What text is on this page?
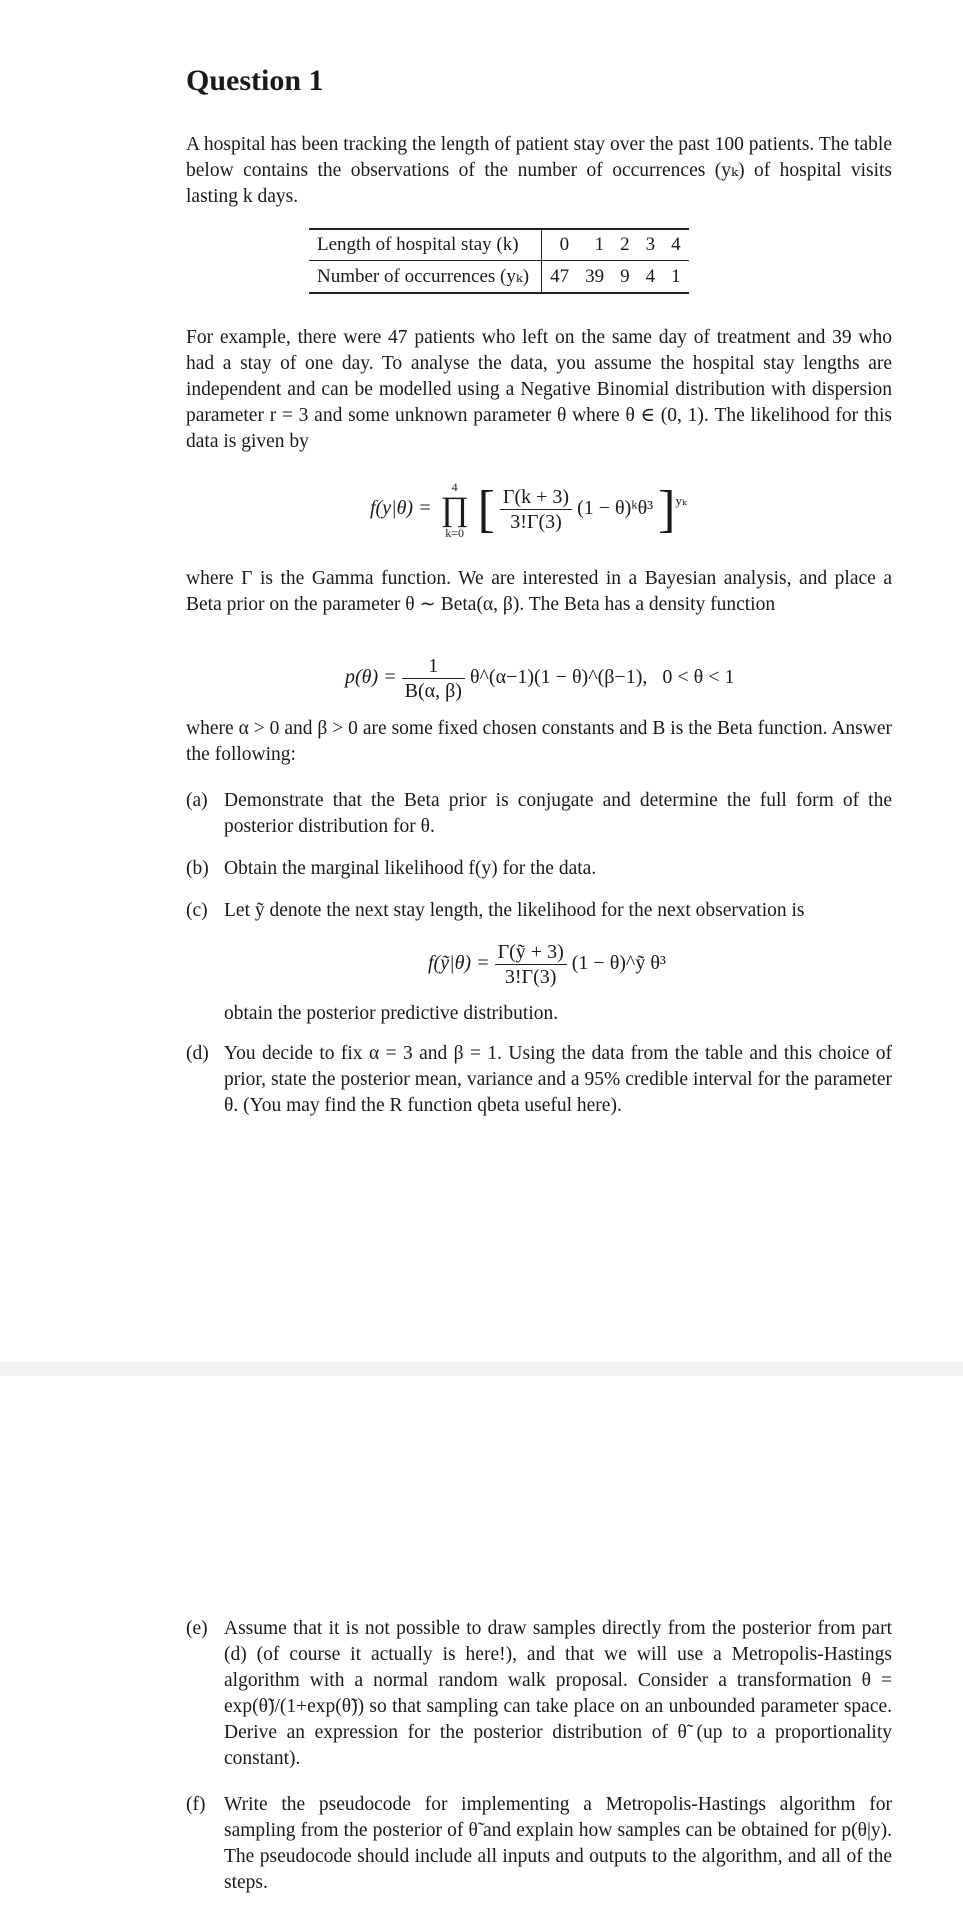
Question 1

A hospital has been tracking the length of patient stay over the past 100 patients. The table below contains the observations of the number of occurrences (yₖ) of hospital visits lasting k days.

Length of hospital stay (k)	0	1	2	3	4
Number of occurrences (yₖ)	47	39	9	4	1

For example, there were 47 patients who left on the same day of treatment and 39 who had a stay of one day. To analyse the data, you assume the hospital stay lengths are independent and can be modelled using a Negative Binomial distribution with dispersion parameter r = 3 and some unknown parameter θ where θ ∈ (0, 1). The likelihood for this data is given by

f(y|θ) =
4
∏
k=0 [ $\frac{\Gamma(k + 3)}{3!\Gamma(3)} (1$ − θ)ᵏθ³ ]$^{y_k}$

where Γ is the Gamma function. We are interested in a Bayesian analysis, and place a Beta prior on the parameter θ ∼ Beta(α, β). The Beta has a density function

$p(\theta) = \frac{1}{B(\alpha, \beta)}$ θ^(α−1)(1 − θ)^(β−1), 0 < θ < 1

where α > 0 and β > 0 are some fixed chosen constants and B is the Beta function. Answer the following:

(a) Demonstrate that the Beta prior is conjugate and determine the full form of the posterior distribution for θ.
(b) Obtain the marginal likelihood f(y) for the data.
(c) Let ỹ denote the next stay length, the likelihood for the next observation is
f(ỹ|θ) = $\frac{\text{Γ(ỹ + 3)}}{3!\Gamma(3)} (1$ − θ)^ỹ θ³
obtain the posterior predictive distribution.
(d) You decide to fix α = 3 and β = 1. Using the data from the table and this choice of prior, state the posterior mean, variance and a 95% credible interval for the parameter θ. (You may find the R function qbeta useful here).
(e) Assume that it is not possible to draw samples directly from the posterior from part (d) (of course it actually is here!), and that we will use a Metropolis-Hastings algorithm with a normal random walk proposal. Consider a transformation θ = exp(θ̃)/(1+exp(θ̃)) so that sampling can take place on an unbounded parameter space. Derive an expression for the posterior distribution of θ̃ (up to a proportionality constant).
(f) Write the pseudocode for implementing a Metropolis-Hastings algorithm for sampling from the posterior of θ̃ and explain how samples can be obtained for p(θ|y). The pseudocode should include all inputs and outputs to the algorithm, and all of the steps.
